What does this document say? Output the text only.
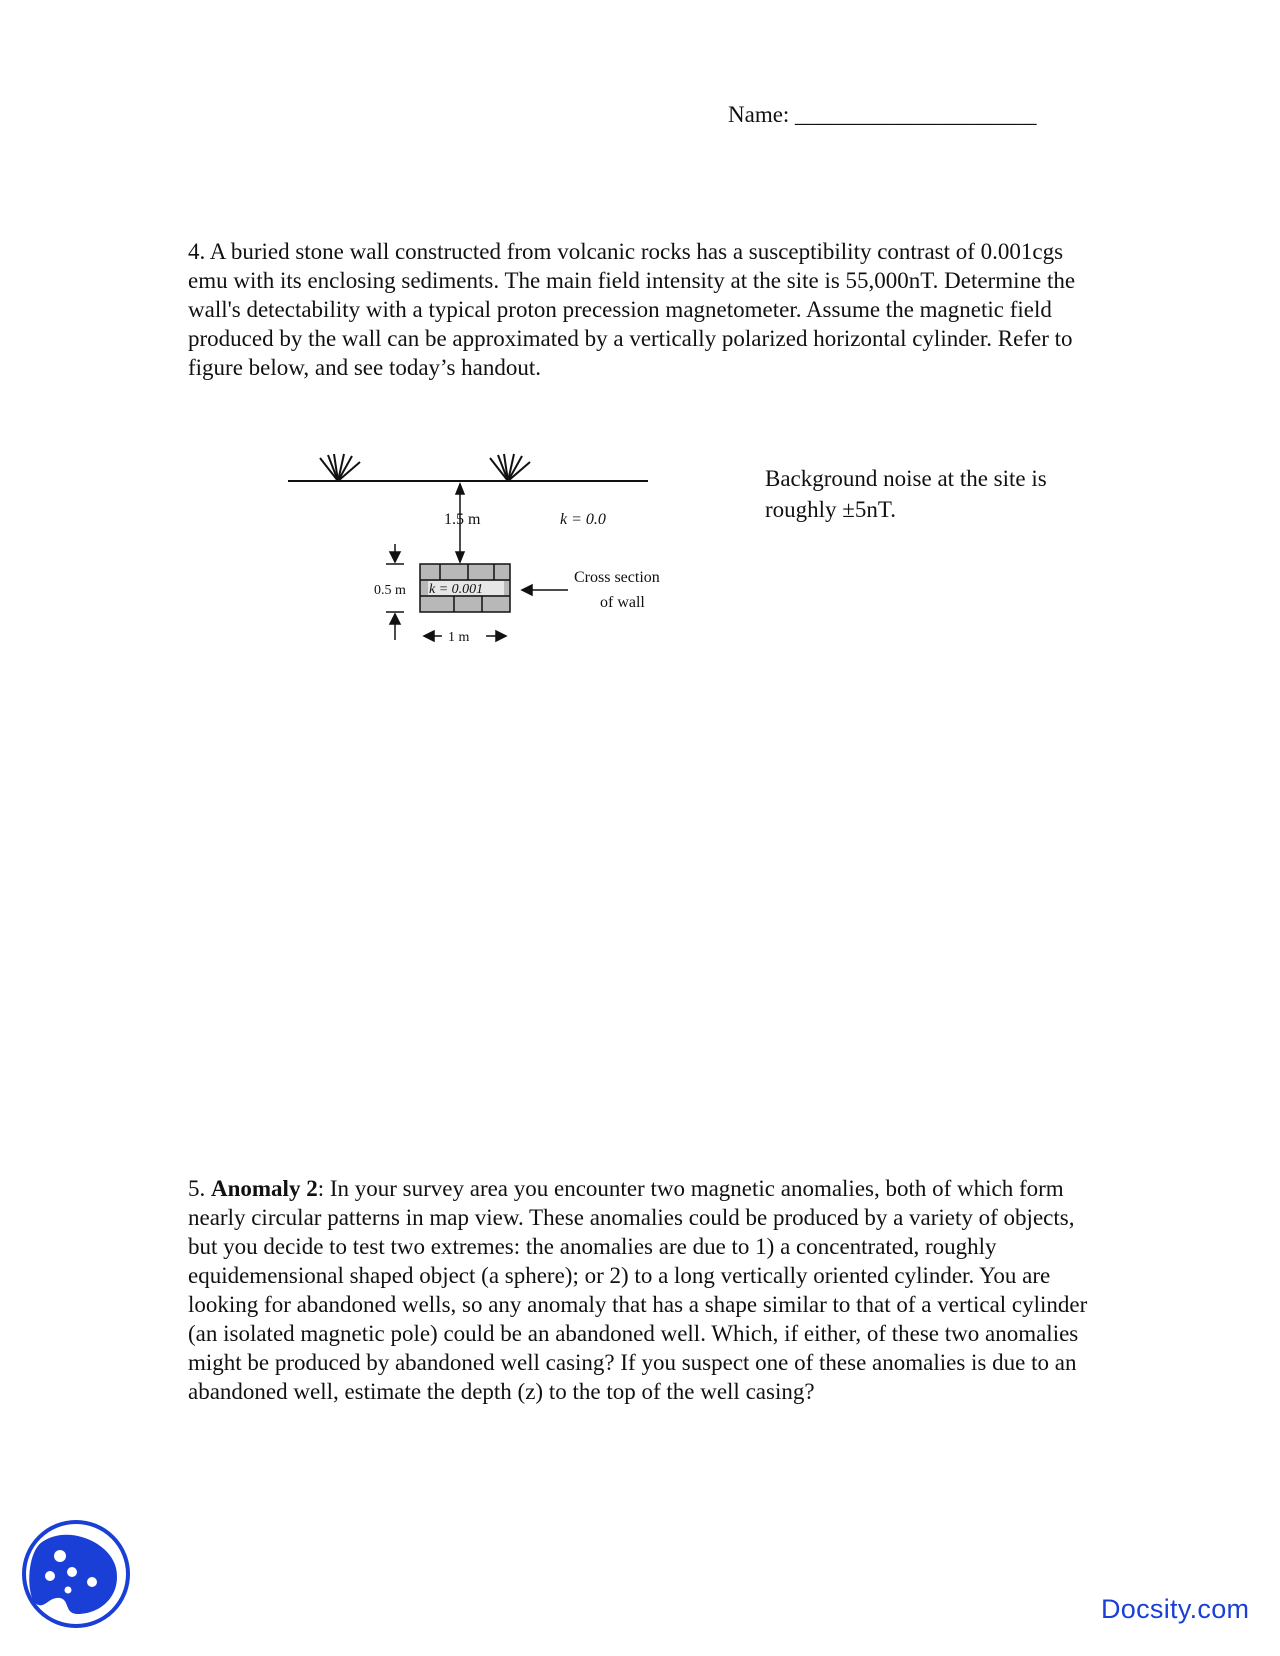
Name: _____________________

4. A buried stone wall constructed from volcanic rocks has a susceptibility contrast of 0.001cgs emu with its enclosing sediments. The main field intensity at the site is 55,000nT. Determine the wall's detectability with a typical proton precession magnetometer. Assume the magnetic field produced by the wall can be approximated by a vertically polarized horizontal cylinder. Refer to figure below, and see today’s handout.

1.5 m	k = 0.0
k = 0.001
0.5 m
1 m
Cross section
of wall

Background noise at the site is roughly ±5nT.

5. Anomaly 2: In your survey area you encounter two magnetic anomalies, both of which form nearly circular patterns in map view. These anomalies could be produced by a variety of objects, but you decide to test two extremes: the anomalies are due to 1) a concentrated, roughly equidemensional shaped object (a sphere); or 2) to a long vertically oriented cylinder. You are looking for abandoned wells, so any anomaly that has a shape similar to that of a vertical cylinder (an isolated magnetic pole) could be an abandoned well. Which, if either, of these two anomalies might be produced by abandoned well casing? If you suspect one of these anomalies is due to an abandoned well, estimate the depth (z) to the top of the well casing?

Docsity.com
